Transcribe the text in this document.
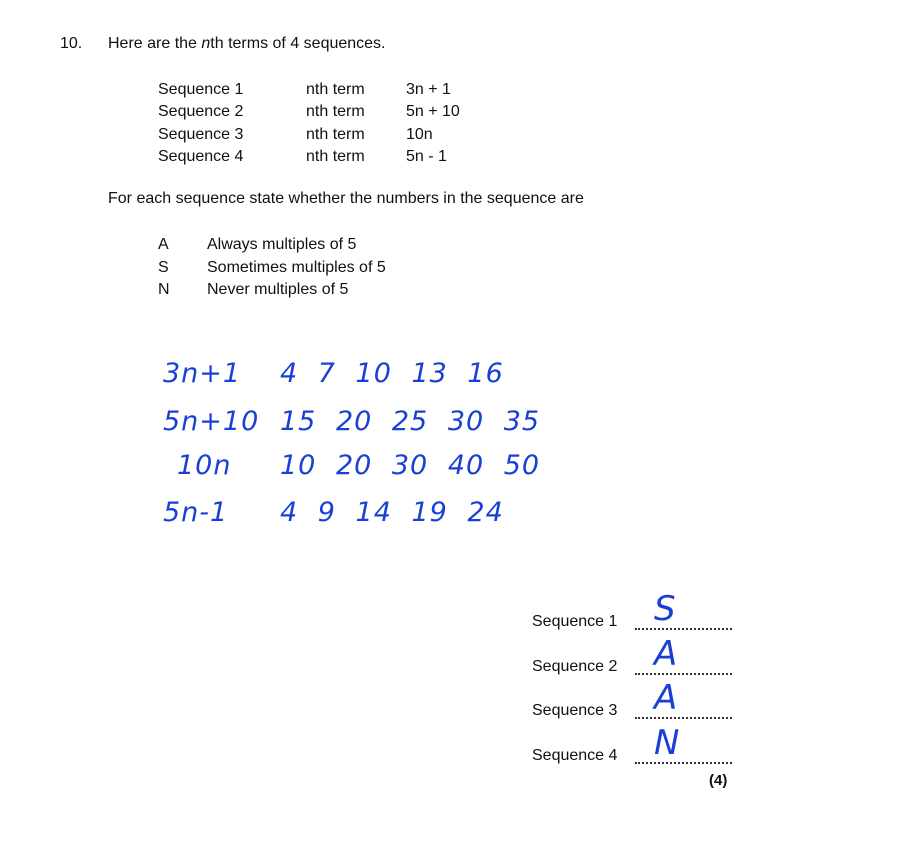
10. Here are the nth terms of 4 sequences.
Sequence 1	nth term	3n + 1
Sequence 2	nth term	5n + 10
Sequence 3	nth term	10n
Sequence 4	nth term	5n - 1
For each sequence state whether the numbers in the sequence are
A Always multiples of 5
S Sometimes multiples of 5
N Never multiples of 5
3n+1 4 7 10 13 16
5n+10 15 20 25 30 35
10n 10 20 30 40 50
5n-1 4 9 14 19 24
Sequence 1 S
Sequence 2 A
Sequence 3 A
Sequence 4 N
(4)
